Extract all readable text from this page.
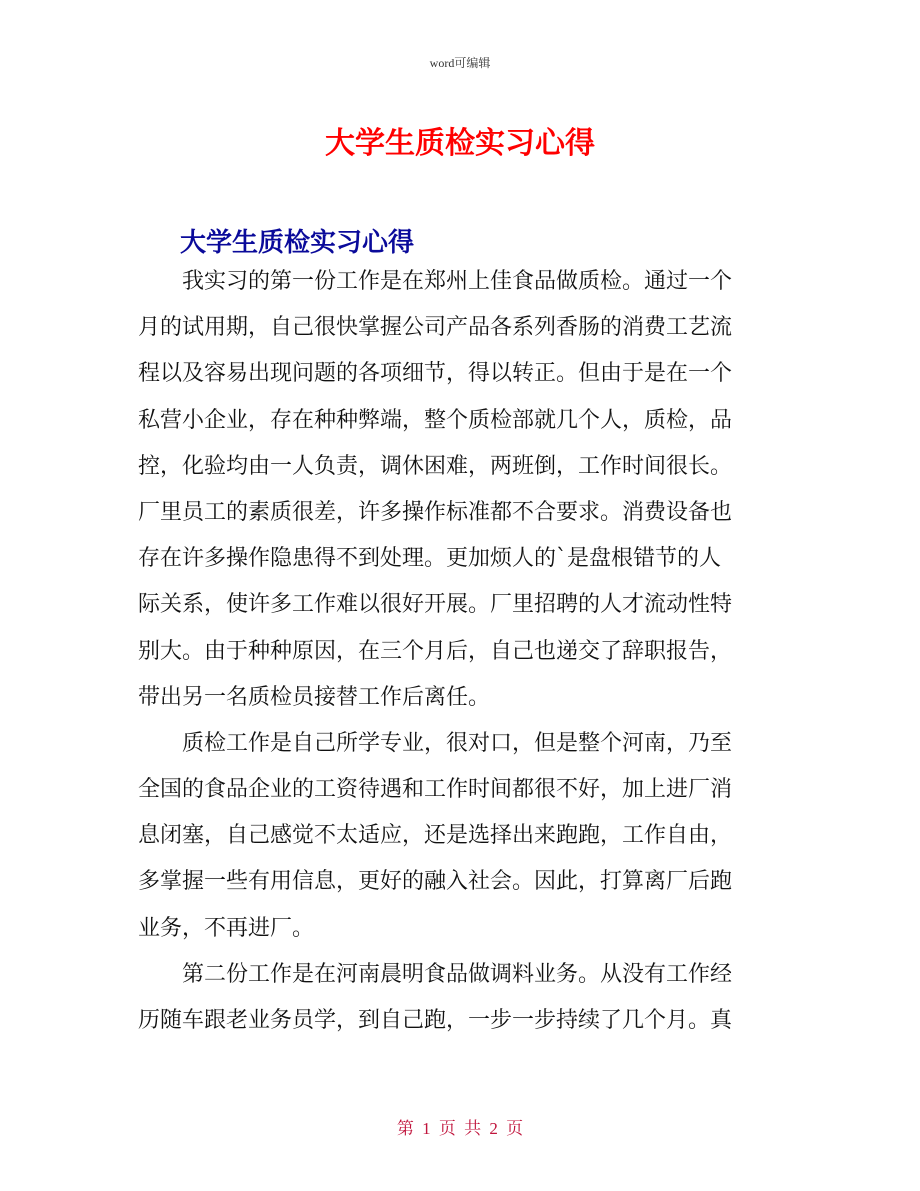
word可编辑
大学生质检实习心得
大学生质检实习心得
　　我实习的第一份工作是在郑州上佳食品做质检。通过一个
月的试用期，自己很快掌握公司产品各系列香肠的消费工艺流
程以及容易出现问题的各项细节，得以转正。但由于是在一个
私营小企业，存在种种弊端，整个质检部就几个人，质检，品
控，化验均由一人负责，调休困难，两班倒，工作时间很长。
厂里员工的素质很差，许多操作标准都不合要求。消费设备也
存在许多操作隐患得不到处理。更加烦人的`是盘根错节的人
际关系，使许多工作难以很好开展。厂里招聘的人才流动性特
别大。由于种种原因，在三个月后，自己也递交了辞职报告，
带出另一名质检员接替工作后离任。
　　质检工作是自己所学专业，很对口，但是整个河南，乃至
全国的食品企业的工资待遇和工作时间都很不好，加上进厂消
息闭塞，自己感觉不太适应，还是选择出来跑跑，工作自由，
多掌握一些有用信息，更好的融入社会。因此，打算离厂后跑
业务，不再进厂。
　　第二份工作是在河南晨明食品做调料业务。从没有工作经
历随车跟老业务员学，到自己跑，一步一步持续了几个月。真
第 1 页 共 2 页
